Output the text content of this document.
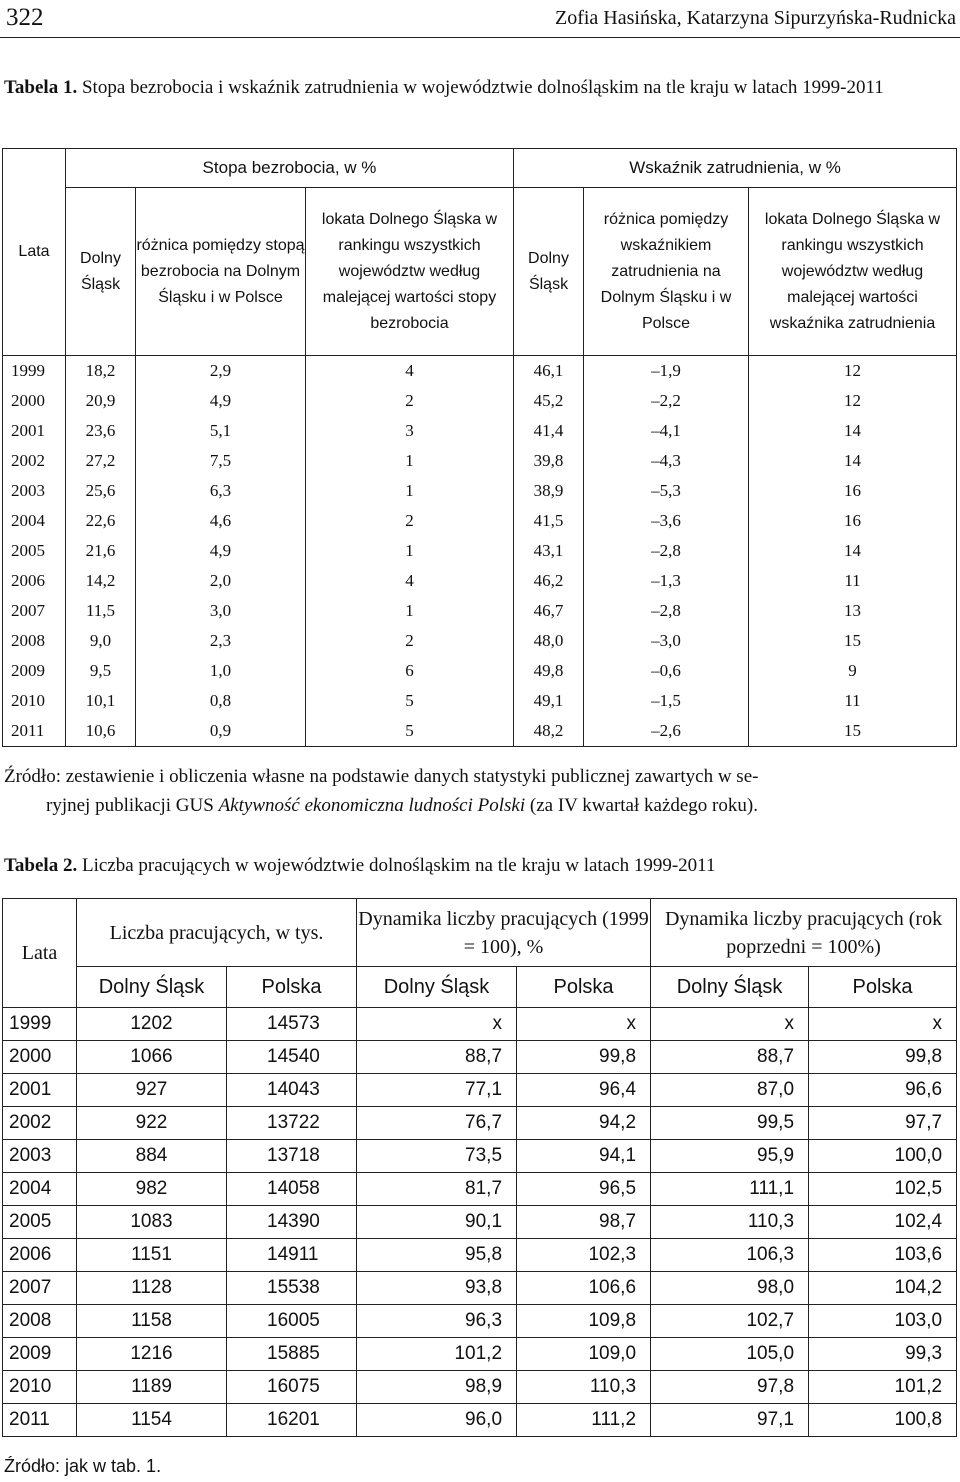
322	Zofia Hasińska, Katarzyna Sipurzyńska-Rudnicka
Tabela 1. Stopa bezrobocia i wskaźnik zatrudnienia w województwie dolnośląskim na tle kraju w latach 1999-2011
Lata	Stopa bezrobocia, w %			Wskaźnik zatrudnienia, w %		
	Dolny Śląsk	różnica pomiędzy stopą bezrobocia na Dolnym Śląsku i w Polsce	lokata Dolnego Śląska w rankingu wszystkich województw według malejącej wartości stopy bezrobocia	Dolny Śląsk	różnica pomiędzy wskaźnikiem zatrudnienia na Dolnym Śląsku i w Polsce	lokata Dolnego Śląska w rankingu wszystkich województw według malejącej wartości wskaźnika zatrudnienia
1999	18,2	2,9	4	46,1	–1,9	12
2000	20,9	4,9	2	45,2	–2,2	12
2001	23,6	5,1	3	41,4	–4,1	14
2002	27,2	7,5	1	39,8	–4,3	14
2003	25,6	6,3	1	38,9	–5,3	16
2004	22,6	4,6	2	41,5	–3,6	16
2005	21,6	4,9	1	43,1	–2,8	14
2006	14,2	2,0	4	46,2	–1,3	11
2007	11,5	3,0	1	46,7	–2,8	13
2008	9,0	2,3	2	48,0	–3,0	15
2009	9,5	1,0	6	49,8	–0,6	9
2010	10,1	0,8	5	49,1	–1,5	11
2011	10,6	0,9	5	48,2	–2,6	15
Źródło: zestawienie i obliczenia własne na podstawie danych statystyki publicznej zawartych w se-
ryjnej publikacji GUS Aktywność ekonomiczna ludności Polski (za IV kwartał każdego roku).
Tabela 2. Liczba pracujących w województwie dolnośląskim na tle kraju w latach 1999-2011
Lata	Liczba pracujących, w tys.		Dynamika liczby pracujących (1999 = 100), %		Dynamika liczby pracujących (rok poprzedni = 100%)	
	Dolny Śląsk	Polska	Dolny Śląsk	Polska	Dolny Śląsk	Polska
1999	1202	14573	x	x	x	x
2000	1066	14540	88,7	99,8	88,7	99,8
2001	927	14043	77,1	96,4	87,0	96,6
2002	922	13722	76,7	94,2	99,5	97,7
2003	884	13718	73,5	94,1	95,9	100,0
2004	982	14058	81,7	96,5	111,1	102,5
2005	1083	14390	90,1	98,7	110,3	102,4
2006	1151	14911	95,8	102,3	106,3	103,6
2007	1128	15538	93,8	106,6	98,0	104,2
2008	1158	16005	96,3	109,8	102,7	103,0
2009	1216	15885	101,2	109,0	105,0	99,3
2010	1189	16075	98,9	110,3	97,8	101,2
2011	1154	16201	96,0	111,2	97,1	100,8
Źródło: jak w tab. 1.
